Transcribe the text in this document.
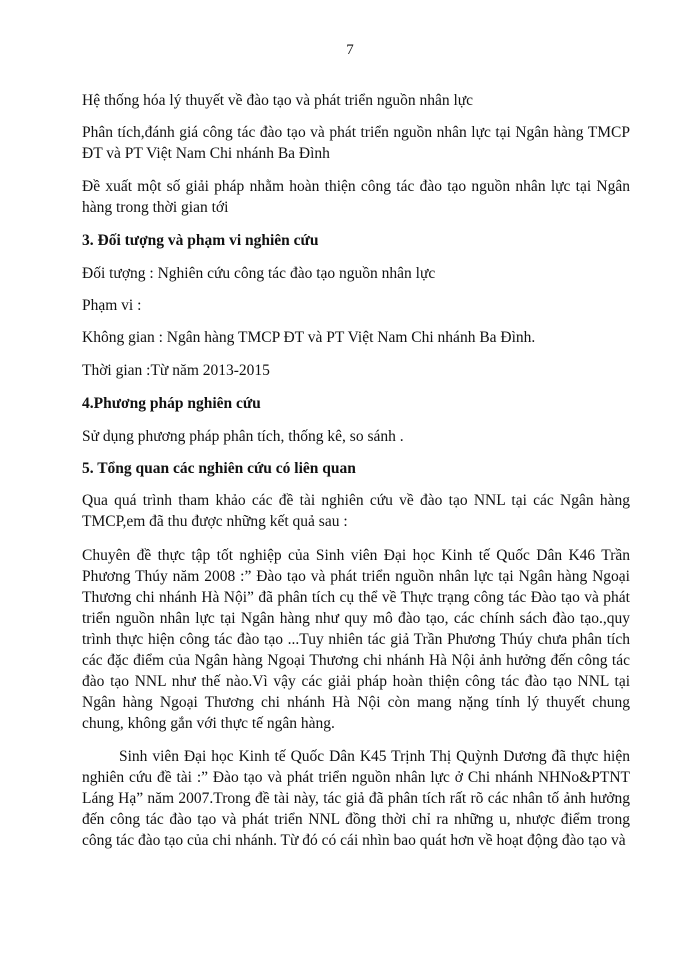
7

Hệ thống hóa lý thuyết về đào tạo và phát triển nguồn nhân lực

Phân tích,đánh giá công tác đào tạo và phát triển nguồn nhân lực tại Ngân hàng TMCP ĐT và PT Việt Nam Chi nhánh Ba Đình

Đề xuất một số giải pháp nhằm hoàn thiện công tác đào tạo nguồn nhân lực tại Ngân hàng trong thời gian tới

3. Đối tượng và phạm vi nghiên cứu

Đối tượng : Nghiên cứu công tác đào tạo nguồn nhân lực

Phạm vi :

Không gian : Ngân hàng TMCP ĐT và PT Việt Nam Chi nhánh Ba Đình.

Thời gian :Từ năm 2013-2015

4.Phương pháp nghiên cứu

Sử dụng phương pháp phân tích, thống kê, so sánh .

5. Tổng quan các nghiên cứu có liên quan

Qua quá trình tham khảo các đề tài nghiên cứu về đào tạo NNL tại các Ngân hàng TMCP,em đã thu được những kết quả sau :

Chuyên đề thực tập tốt nghiệp của Sinh viên Đại học Kinh tế Quốc Dân K46 Trần Phương Thúy năm 2008 :” Đào tạo và phát triển nguồn nhân lực tại Ngân hàng Ngoại Thương chi nhánh Hà Nội” đã phân tích cụ thể về Thực trạng công tác Đào tạo và phát triển nguồn nhân lực tại Ngân hàng như quy mô đào tạo, các chính sách đào tạo.,quy trình thực hiện công tác đào tạo ...Tuy nhiên tác giả Trần Phương Thúy chưa phân tích các đặc điểm của Ngân hàng Ngoại Thương chi nhánh Hà Nội ảnh hưởng đến công tác đào tạo NNL như thế nào.Vì vậy các giải pháp hoàn thiện công tác đào tạo NNL tại Ngân hàng Ngoại Thương chi nhánh Hà Nội còn mang nặng tính lý thuyết chung chung, không gắn với thực tế ngân hàng.

Sinh viên Đại học Kinh tế Quốc Dân K45 Trịnh Thị Quỳnh Dương đã thực hiện nghiên cứu đề tài :” Đào tạo và phát triển nguồn nhân lực ở Chi nhánh NHNo&PTNT Láng Hạ” năm 2007.Trong đề tài này, tác giả đã phân tích rất rõ các nhân tố ảnh hưởng đến công tác đào tạo và phát triển NNL đồng thời chỉ ra những u, nhược điểm trong công tác đào tạo của chi nhánh. Từ đó có cái nhìn bao quát hơn về hoạt động đào tạo và
